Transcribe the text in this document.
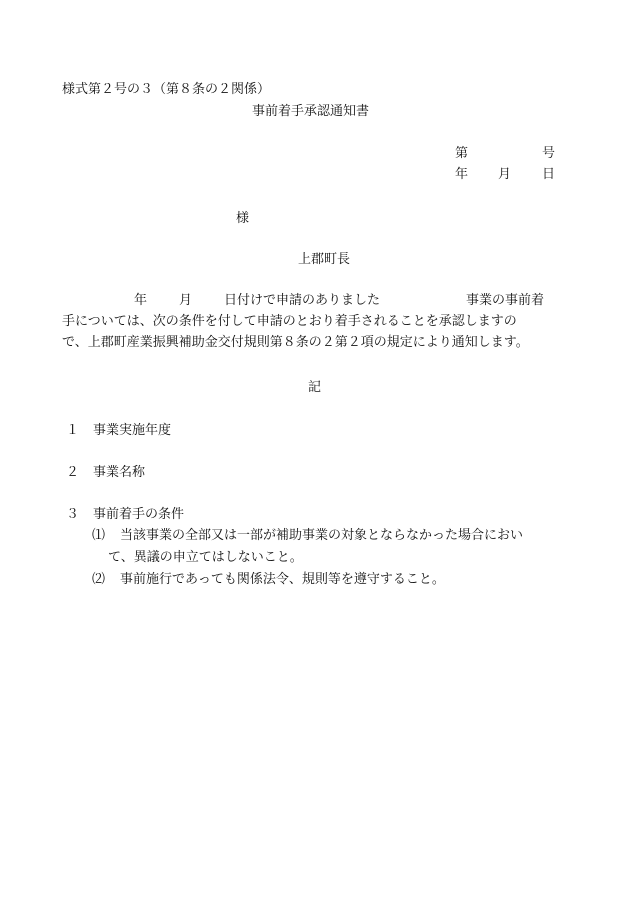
様式第２号の３（第８条の２関係）
事前着手承認通知書
第	号
年 月 日
様
上郡町長
年 月 日付けで申請のありました	事業の事前着
手については、次の条件を付して申請のとおり着手されることを承認しますの
で、上郡町産業振興補助金交付規則第８条の２第２項の規定により通知します。
記
１ 事業実施年度
２ 事業名称
３ 事前着手の条件
⑴ 当該事業の全部又は一部が補助事業の対象とならなかった場合におい
て、異議の申立てはしないこと。
⑵ 事前施行であっても関係法令、規則等を遵守すること。
